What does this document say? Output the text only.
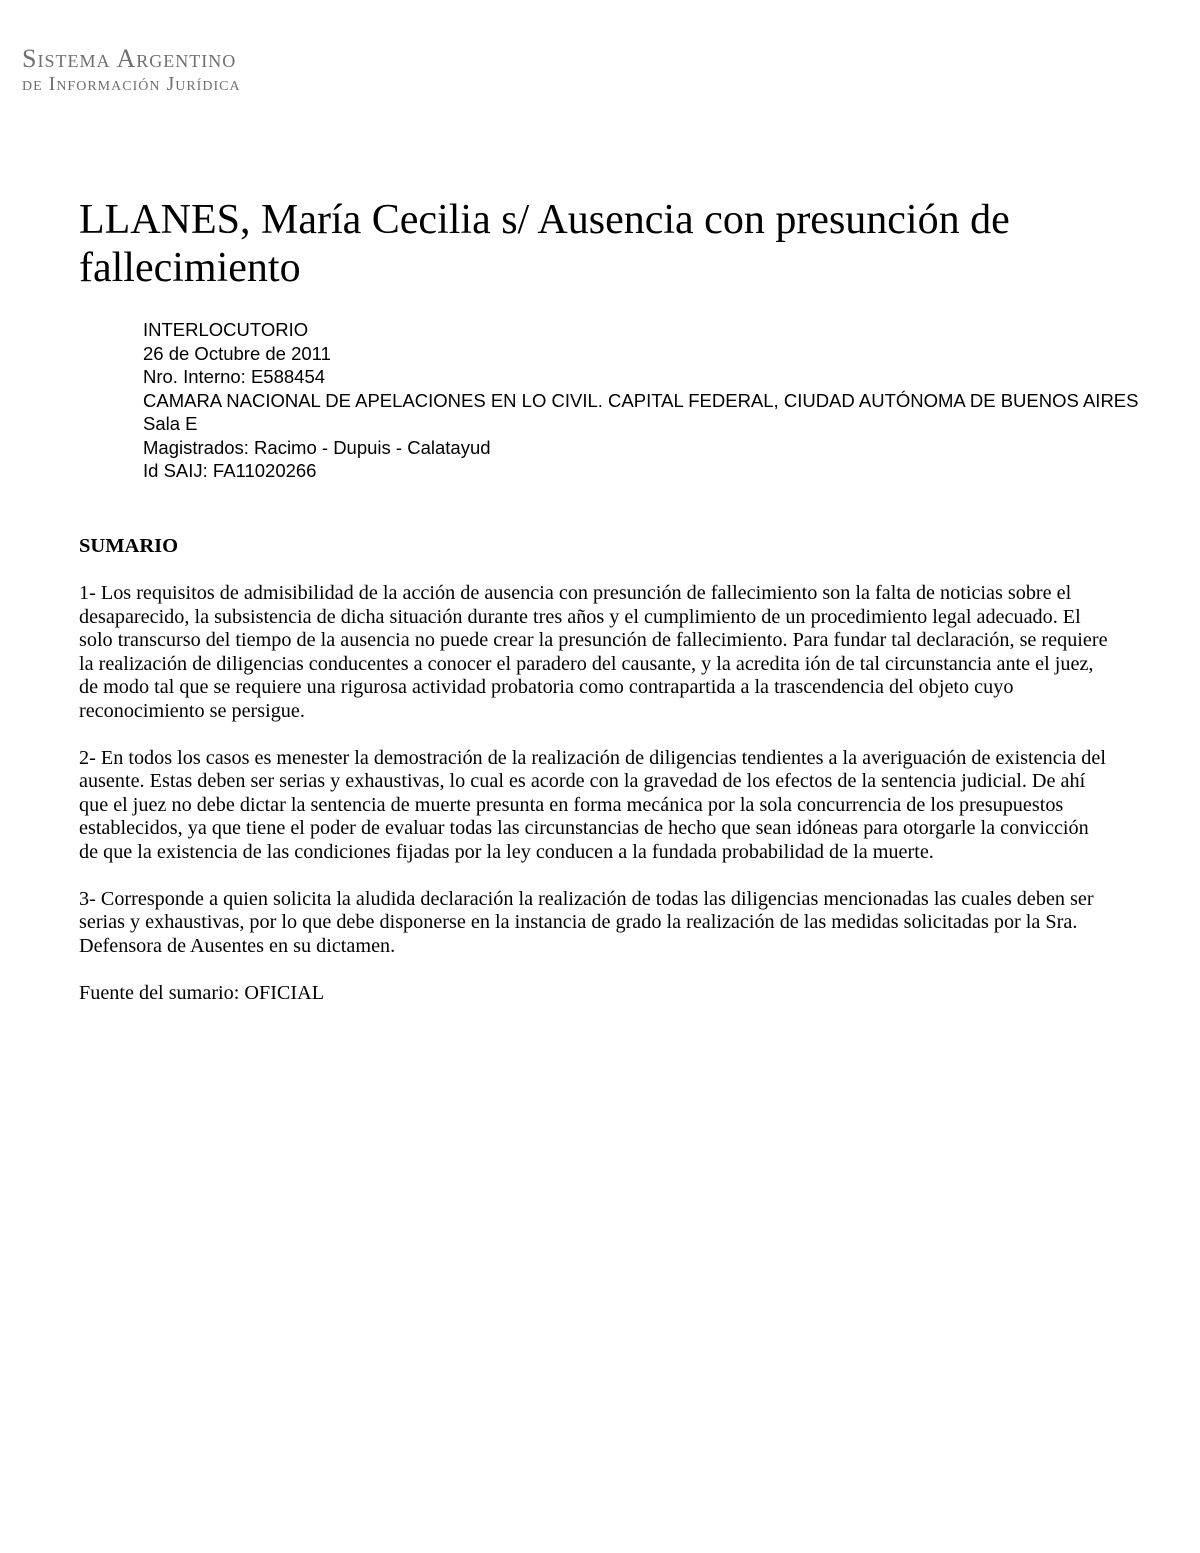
Sistema Argentino
de Información Jurídica
LLANES, María Cecilia s/ Ausencia con presunción de fallecimiento
INTERLOCUTORIO
26 de Octubre de 2011
Nro. Interno: E588454
CAMARA NACIONAL DE APELACIONES EN LO CIVIL. CAPITAL FEDERAL, CIUDAD AUTÓNOMA DE BUENOS AIRES
Sala E
Magistrados: Racimo - Dupuis - Calatayud
Id SAIJ: FA11020266

SUMARIO

1- Los requisitos de admisibilidad de la acción de ausencia con presunción de fallecimiento son la falta de noticias sobre el desaparecido, la subsistencia de dicha situación durante tres años y el cumplimiento de un procedimiento legal adecuado. El solo transcurso del tiempo de la ausencia no puede crear la presunción de fallecimiento. Para fundar tal declaración, se requiere la realización de diligencias conducentes a conocer el paradero del causante, y la acredita ión de tal circunstancia ante el juez, de modo tal que se requiere una rigurosa actividad probatoria como contrapartida a la trascendencia del objeto cuyo reconocimiento se persigue.

2- En todos los casos es menester la demostración de la realización de diligencias tendientes a la averiguación de existencia del ausente. Estas deben ser serias y exhaustivas, lo cual es acorde con la gravedad de los efectos de la sentencia judicial. De ahí que el juez no debe dictar la sentencia de muerte presunta en forma mecánica por la sola concurrencia de los presupuestos establecidos, ya que tiene el poder de evaluar todas las circunstancias de hecho que sean idóneas para otorgarle la convicción de que la existencia de las condiciones fijadas por la ley conducen a la fundada probabilidad de la muerte.

3- Corresponde a quien solicita la aludida declaración la realización de todas las diligencias mencionadas las cuales deben ser serias y exhaustivas, por lo que debe disponerse en la instancia de grado la realización de las medidas solicitadas por la Sra. Defensora de Ausentes en su dictamen.

Fuente del sumario: OFICIAL
